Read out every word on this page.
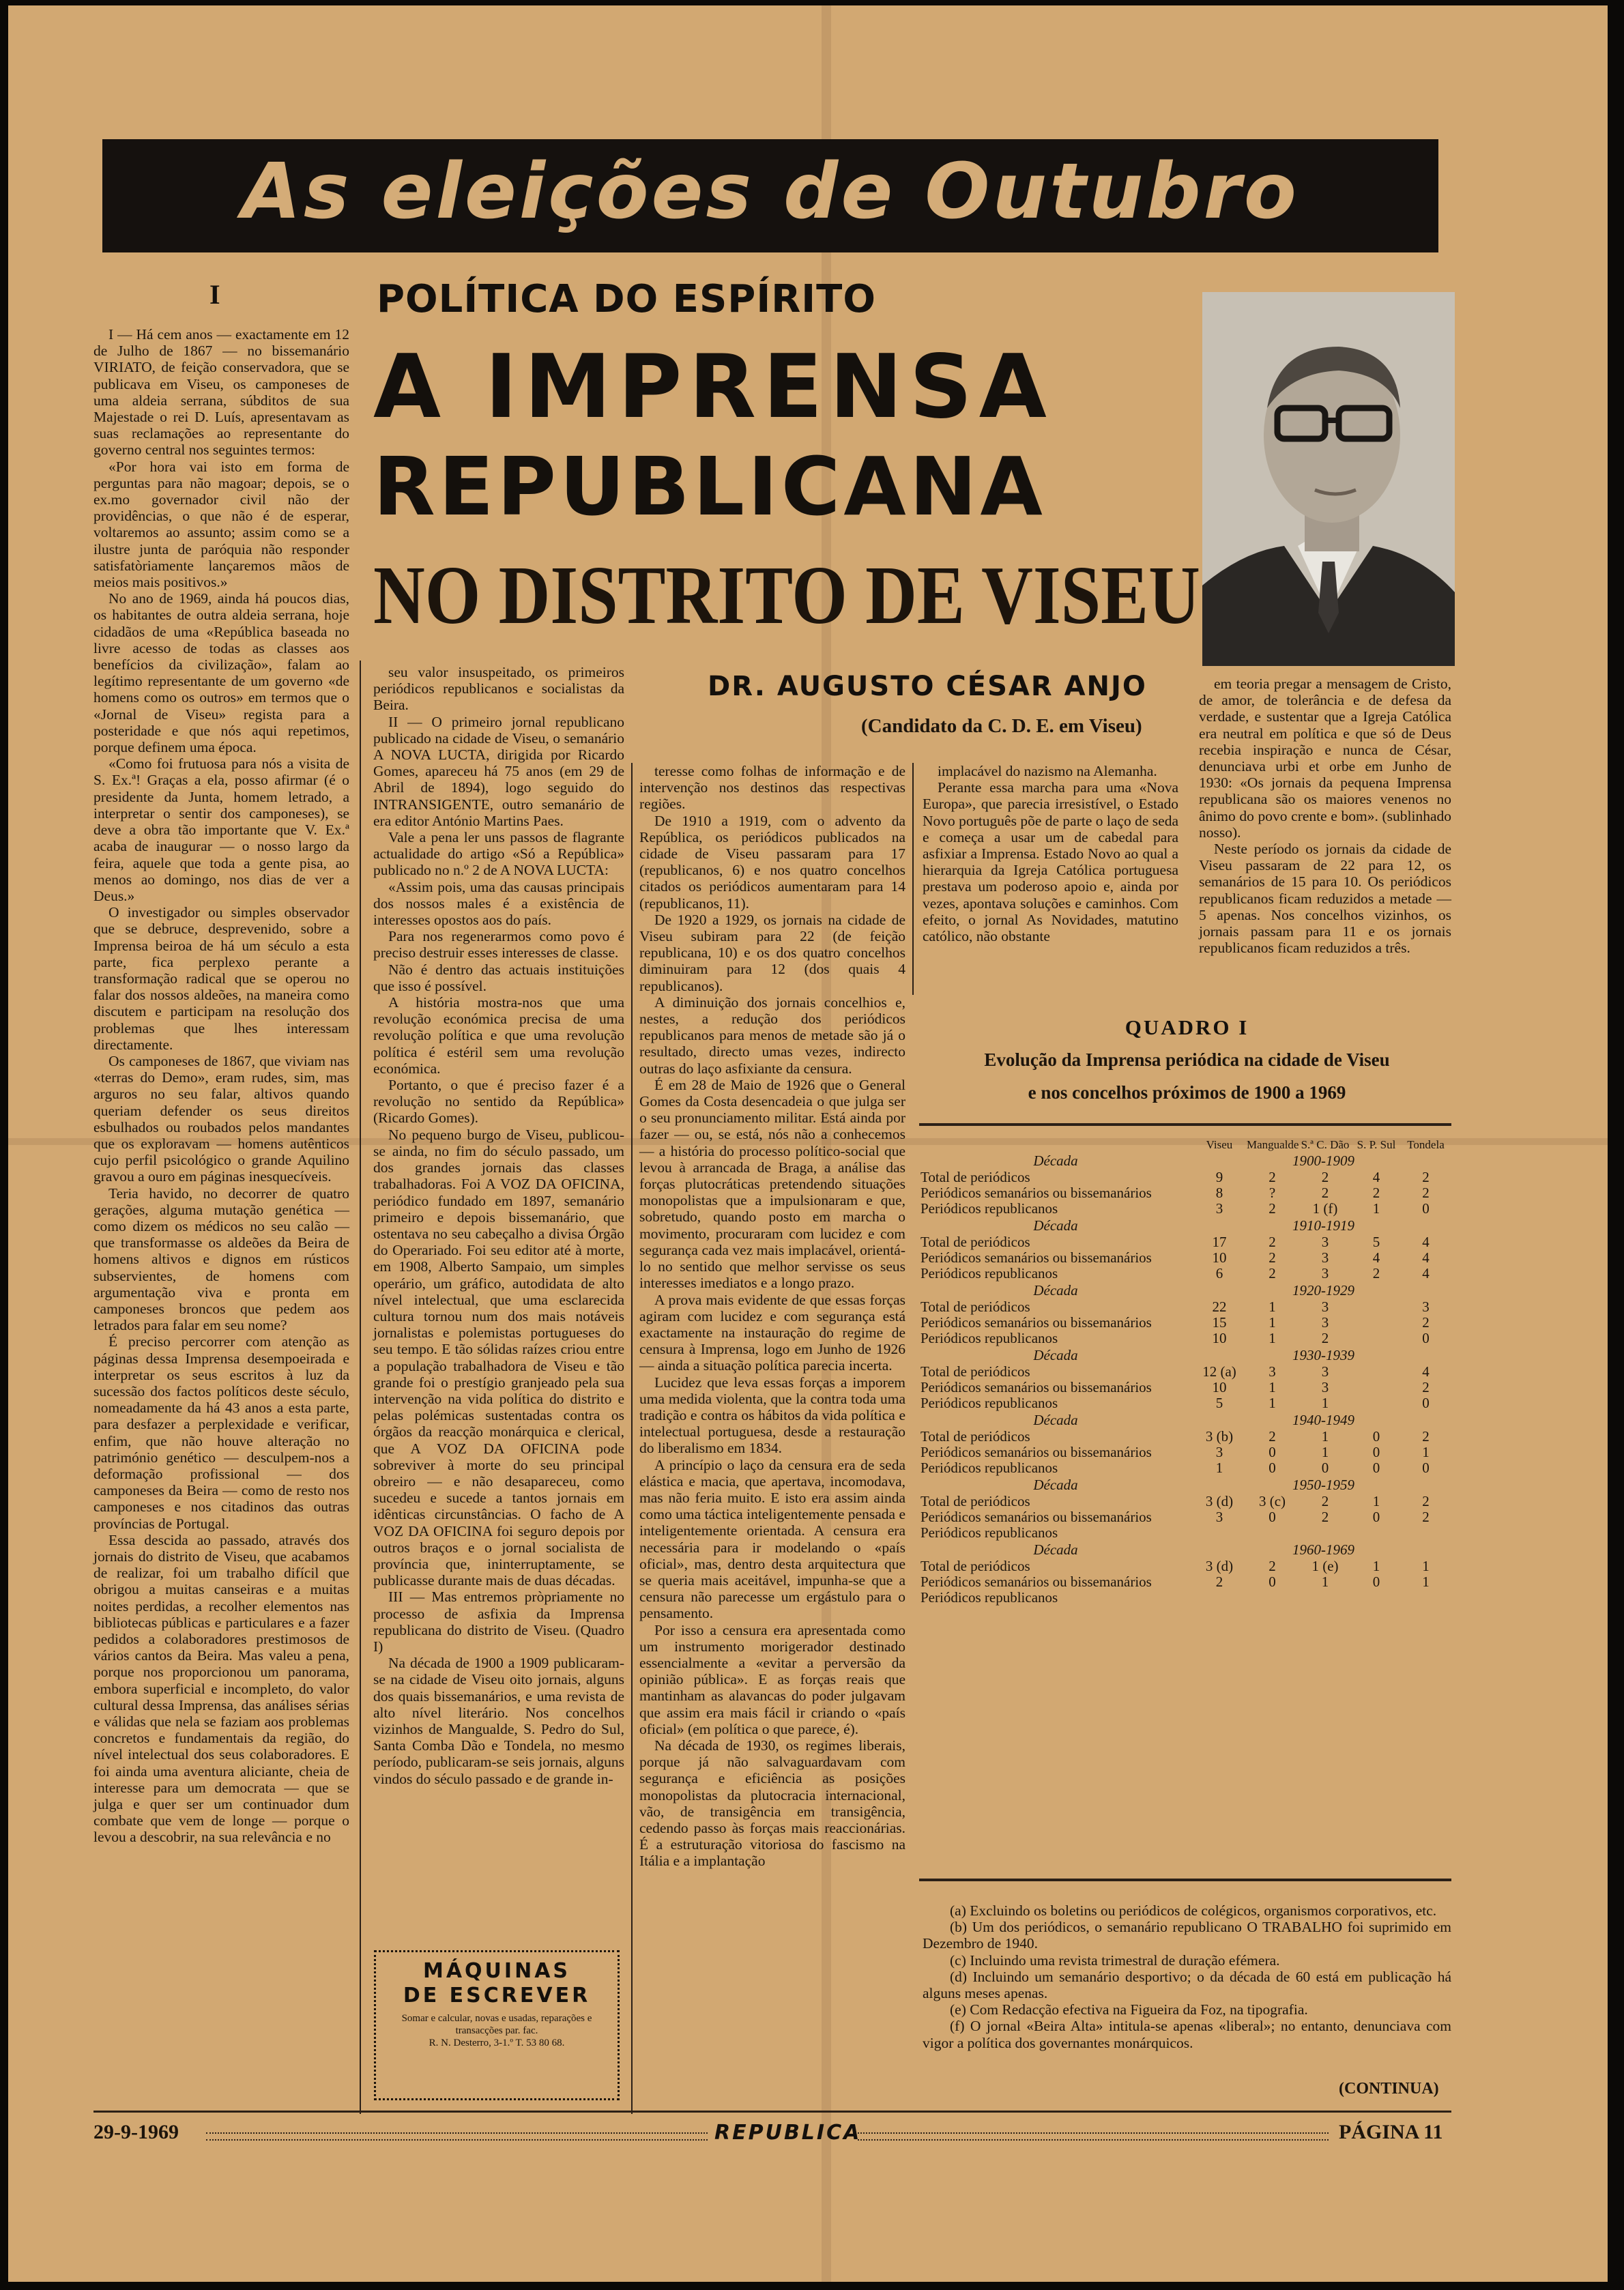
As eleições de Outubro
I

I — Há cem anos — exactamente em 12 de Julho de 1867 — no bissemanário VIRIATO, de feição conservadora, que se publicava em Viseu, os camponeses de uma aldeia serrana, súbditos de sua Majestade o rei D. Luís, apresentavam as suas reclamações ao representante do governo central nos seguintes termos:

«Por hora vai isto em forma de perguntas para não magoar; depois, se o ex.mo governador civil não der providências, o que não é de esperar, voltaremos ao assunto; assim como se a ilustre junta de paróquia não responder satisfatòriamente lançaremos mãos de meios mais positivos.»

No ano de 1969, ainda há poucos dias, os habitantes de outra aldeia serrana, hoje cidadãos de uma «República baseada no livre acesso de todas as classes aos benefícios da civilização», falam ao legítimo representante de um governo «de homens como os outros» em termos que o «Jornal de Viseu» regista para a posteridade e que nós aqui repetimos, porque definem uma época.

«Como foi frutuosa para nós a visita de S. Ex.ª! Graças a ela, posso afirmar (é o presidente da Junta, homem letrado, a interpretar o sentir dos camponeses), se deve a obra tão importante que V. Ex.ª acaba de inaugurar — o nosso largo da feira, aquele que toda a gente pisa, ao menos ao domingo, nos dias de ver a Deus.»

O investigador ou simples observador que se debruce, desprevenido, sobre a Imprensa beiroa de há um século a esta parte, fica perplexo perante a transformação radical que se operou no falar dos nossos aldeões, na maneira como discutem e participam na resolução dos problemas que lhes interessam directamente.

Os camponeses de 1867, que viviam nas «terras do Demo», eram rudes, sim, mas arguros no seu falar, altivos quando queriam defender os seus direitos esbulhados ou roubados pelos mandantes que os exploravam — homens autênticos cujo perfil psicológico o grande Aquilino gravou a ouro em páginas inesquecíveis.

Teria havido, no decorrer de quatro gerações, alguma mutação genética — como dizem os médicos no seu calão — que transformasse os aldeões da Beira de homens altivos e dignos em rústicos subservientes, de homens com argumentação viva e pronta em camponeses broncos que pedem aos letrados para falar em seu nome?

É preciso percorrer com atenção as páginas dessa Imprensa desempoeirada e interpretar os seus escritos à luz da sucessão dos factos políticos deste século, nomeadamente da há 43 anos a esta parte, para desfazer a perplexidade e verificar, enfim, que não houve alteração no património genético — desculpem-nos a deformação profissional — dos camponeses da Beira — como de resto nos camponeses e nos citadinos das outras províncias de Portugal.

Essa descida ao passado, através dos jornais do distrito de Viseu, que acabamos de realizar, foi um trabalho difícil que obrigou a muitas canseiras e a muitas noites perdidas, a recolher elementos nas bibliotecas públicas e particulares e a fazer pedidos a colaboradores prestimosos de vários cantos da Beira. Mas valeu a pena, porque nos proporcionou um panorama, embora superficial e incompleto, do valor cultural dessa Imprensa, das análises sérias e válidas que nela se faziam aos problemas concretos e fundamentais da região, do nível intelectual dos seus colaboradores. E foi ainda uma aventura aliciante, cheia de interesse para um democrata — que se julga e quer ser um continuador dum combate que vem de longe — porque o levou a descobrir, na sua relevância e no

POLÍTICA DO ESPÍRITO
A IMPRENSA
REPUBLICANA
NO DISTRITO DE VISEU
DR. AUGUSTO CÉSAR ANJO
(Candidato da C. D. E. em Viseu)

seu valor insuspeitado, os primeiros periódicos republicanos e socialistas da Beira.

II — O primeiro jornal republicano publicado na cidade de Viseu, o semanário A NOVA LUCTA, dirigida por Ricardo Gomes, apareceu há 75 anos (em 29 de Abril de 1894), logo seguido do INTRANSIGENTE, outro semanário de era editor António Martins Paes.

Vale a pena ler uns passos de flagrante actualidade do artigo «Só a República» publicado no n.º 2 de A NOVA LUCTA:

«Assim pois, uma das causas principais dos nossos males é a existência de interesses opostos aos do país.

Para nos regenerarmos como povo é preciso destruir esses interesses de classe.

Não é dentro das actuais instituições que isso é possível.

A história mostra-nos que uma revolução económica precisa de uma revolução política e que uma revolução política é estéril sem uma revolução económica.

Portanto, o que é preciso fazer é a revolução no sentido da República» (Ricardo Gomes).

No pequeno burgo de Viseu, publicou-se ainda, no fim do século passado, um dos grandes jornais das classes trabalhadoras. Foi A VOZ DA OFICINA, periódico fundado em 1897, semanário primeiro e depois bissemanário, que ostentava no seu cabeçalho a divisa Órgão do Operariado. Foi seu editor até à morte, em 1908, Alberto Sampaio, um simples operário, um gráfico, autodidata de alto nível intelectual, que uma esclarecida cultura tornou num dos mais notáveis jornalistas e polemistas portugueses do seu tempo. E tão sólidas raízes criou entre a população trabalhadora de Viseu e tão grande foi o prestígio granjeado pela sua intervenção na vida política do distrito e pelas polémicas sustentadas contra os órgãos da reacção monárquica e clerical, que A VOZ DA OFICINA pode sobreviver à morte do seu principal obreiro — e não desapareceu, como sucedeu e sucede a tantos jornais em idênticas circunstâncias. O facho de A VOZ DA OFICINA foi seguro depois por outros braços e o jornal socialista de província que, ininterruptamente, se publicasse durante mais de duas décadas.

III — Mas entremos pròpriamente no processo de asfixia da Imprensa republicana do distrito de Viseu. (Quadro I)

Na década de 1900 a 1909 publicaram-se na cidade de Viseu oito jornais, alguns dos quais bissemanários, e uma revista de alto nível literário. Nos concelhos vizinhos de Mangualde, S. Pedro do Sul, Santa Comba Dão e Tondela, no mesmo período, publicaram-se seis jornais, alguns vindos do século passado e de grande in-

MÁQUINAS
DE ESCREVER
Somar e calcular, novas e usadas, reparações e transacções par. fac.
R. N. Desterro, 3-1.º T. 53 80 68.

teresse como folhas de informação e de intervenção nos destinos das respectivas regiões.

De 1910 a 1919, com o advento da República, os periódicos publicados na cidade de Viseu passaram para 17 (republicanos, 6) e nos quatro concelhos citados os periódicos aumentaram para 14 (republicanos, 11).

De 1920 a 1929, os jornais na cidade de Viseu subiram para 22 (de feição republicana, 10) e os dos quatro concelhos diminuiram para 12 (dos quais 4 republicanos).

A diminuição dos jornais concelhios e, nestes, a redução dos periódicos republicanos para menos de metade são já o resultado, directo umas vezes, indirecto outras do laço asfixiante da censura.

É em 28 de Maio de 1926 que o General Gomes da Costa desencadeia o que julga ser o seu pronunciamento militar. Está ainda por fazer — ou, se está, nós não a conhecemos — a história do processo político-social que levou à arrancada de Braga, a análise das forças plutocráticas pretendendo situações monopolistas que a impulsionaram e que, sobretudo, quando posto em marcha o movimento, procuraram com lucidez e com segurança cada vez mais implacável, orientá-lo no sentido que melhor servisse os seus interesses imediatos e a longo prazo.

A prova mais evidente de que essas forças agiram com lucidez e com segurança está exactamente na instauração do regime de censura à Imprensa, logo em Junho de 1926 — ainda a situação política parecia incerta.

Lucidez que leva essas forças a imporem uma medida violenta, que la contra toda uma tradição e contra os hábitos da vida política e intelectual portuguesa, desde a restauração do liberalismo em 1834.

A princípio o laço da censura era de seda elástica e macia, que apertava, incomodava, mas não feria muito. E isto era assim ainda como uma táctica inteligentemente pensada e inteligentemente orientada. A censura era necessária para ir modelando o «país oficial», mas, dentro desta arquitectura que se queria mais aceitável, impunha-se que a censura não parecesse um ergástulo para o pensamento.

Por isso a censura era apresentada como um instrumento morigerador destinado essencialmente a «evitar a perversão da opinião pública». E as forças reais que mantinham as alavancas do poder julgavam que assim era mais fácil ir criando o «país oficial» (em política o que parece, é).

Na década de 1930, os regimes liberais, porque já não salvaguardavam com segurança e eficiência as posições monopolistas da plutocracia internacional, vão, de transigência em transigência, cedendo passo às forças mais reaccionárias. É a estruturação vitoriosa do fascismo na Itália e a implantação

implacável do nazismo na Alemanha.

Perante essa marcha para uma «Nova Europa», que parecia irresistível, o Estado Novo português põe de parte o laço de seda e começa a usar um de cabedal para asfixiar a Imprensa. Estado Novo ao qual a hierarquia da Igreja Católica portuguesa prestava um poderoso apoio e, ainda por vezes, apontava soluções e caminhos. Com efeito, o jornal As Novidades, matutino católico, não obstante

em teoria pregar a mensagem de Cristo, de amor, de tolerância e de defesa da verdade, e sustentar que a Igreja Católica era neutral em política e que só de Deus recebia inspiração e nunca de César, denunciava urbi et orbe em Junho de 1930: «Os jornais da pequena Imprensa republicana são os maiores venenos no ânimo do povo crente e bom». (sublinhado nosso).

Neste período os jornais da cidade de Viseu passaram de 22 para 12, os semanários de 15 para 10. Os periódicos republicanos ficam reduzidos a metade — 5 apenas. Nos concelhos vizinhos, os jornais passam para 11 e os jornais republicanos ficam reduzidos a três.

QUADRO I
Evolução da Imprensa periódica na cidade de Viseu
e nos concelhos próximos de 1900 a 1969
	Viseu	Mangualde	S.ª C. Dão	S. P. Sul	Tondela
Década		1900-1909			
Total de periódicos	9	2	2	4	2
Periódicos semanários ou bissemanários	8	?	2	2	2
Periódicos republicanos	3	2	1 (f)	1	0
Década		1910-1919			
Total de periódicos	17	2	3	5	4
Periódicos semanários ou bissemanários	10	2	3	4	4
Periódicos republicanos	6	2	3	2	4
Década		1920-1929			
Total de periódicos	22	1	3		3
Periódicos semanários ou bissemanários	15	1	3		2
Periódicos republicanos	10	1	2		0
Década		1930-1939			
Total de periódicos	12 (a)	3	3		4
Periódicos semanários ou bissemanários	10	1	3		2
Periódicos republicanos	5	1	1		0
Década		1940-1949			
Total de periódicos	3 (b)	2	1	0	2
Periódicos semanários ou bissemanários	3	0	1	0	1
Periódicos republicanos	1	0	0	0	0
Década		1950-1959			
Total de periódicos	3 (d)	3 (c)	2	1	2
Periódicos semanários ou bissemanários	3	0	2	0	2
Periódicos republicanos					
Década		1960-1969			
Total de periódicos	3 (d)	2	1 (e)	1	1
Periódicos semanários ou bissemanários	2	0	1	0	1
Periódicos republicanos					

(a) Excluindo os boletins ou periódicos de colégicos, organismos corporativos, etc.

(b) Um dos periódicos, o semanário republicano O TRABALHO foi suprimido em Dezembro de 1940.

(c) Incluindo uma revista trimestral de duração efémera.

(d) Incluindo um semanário desportivo; o da década de 60 está em publicação há alguns meses apenas.

(e) Com Redacção efectiva na Figueira da Foz, na tipografia.

(f) O jornal «Beira Alta» intitula-se apenas «liberal»; no entanto, denunciava com vigor a política dos governantes monárquicos.

(CONTINUA)
29-9-1969	REPUBLICA	PÁGINA 11
